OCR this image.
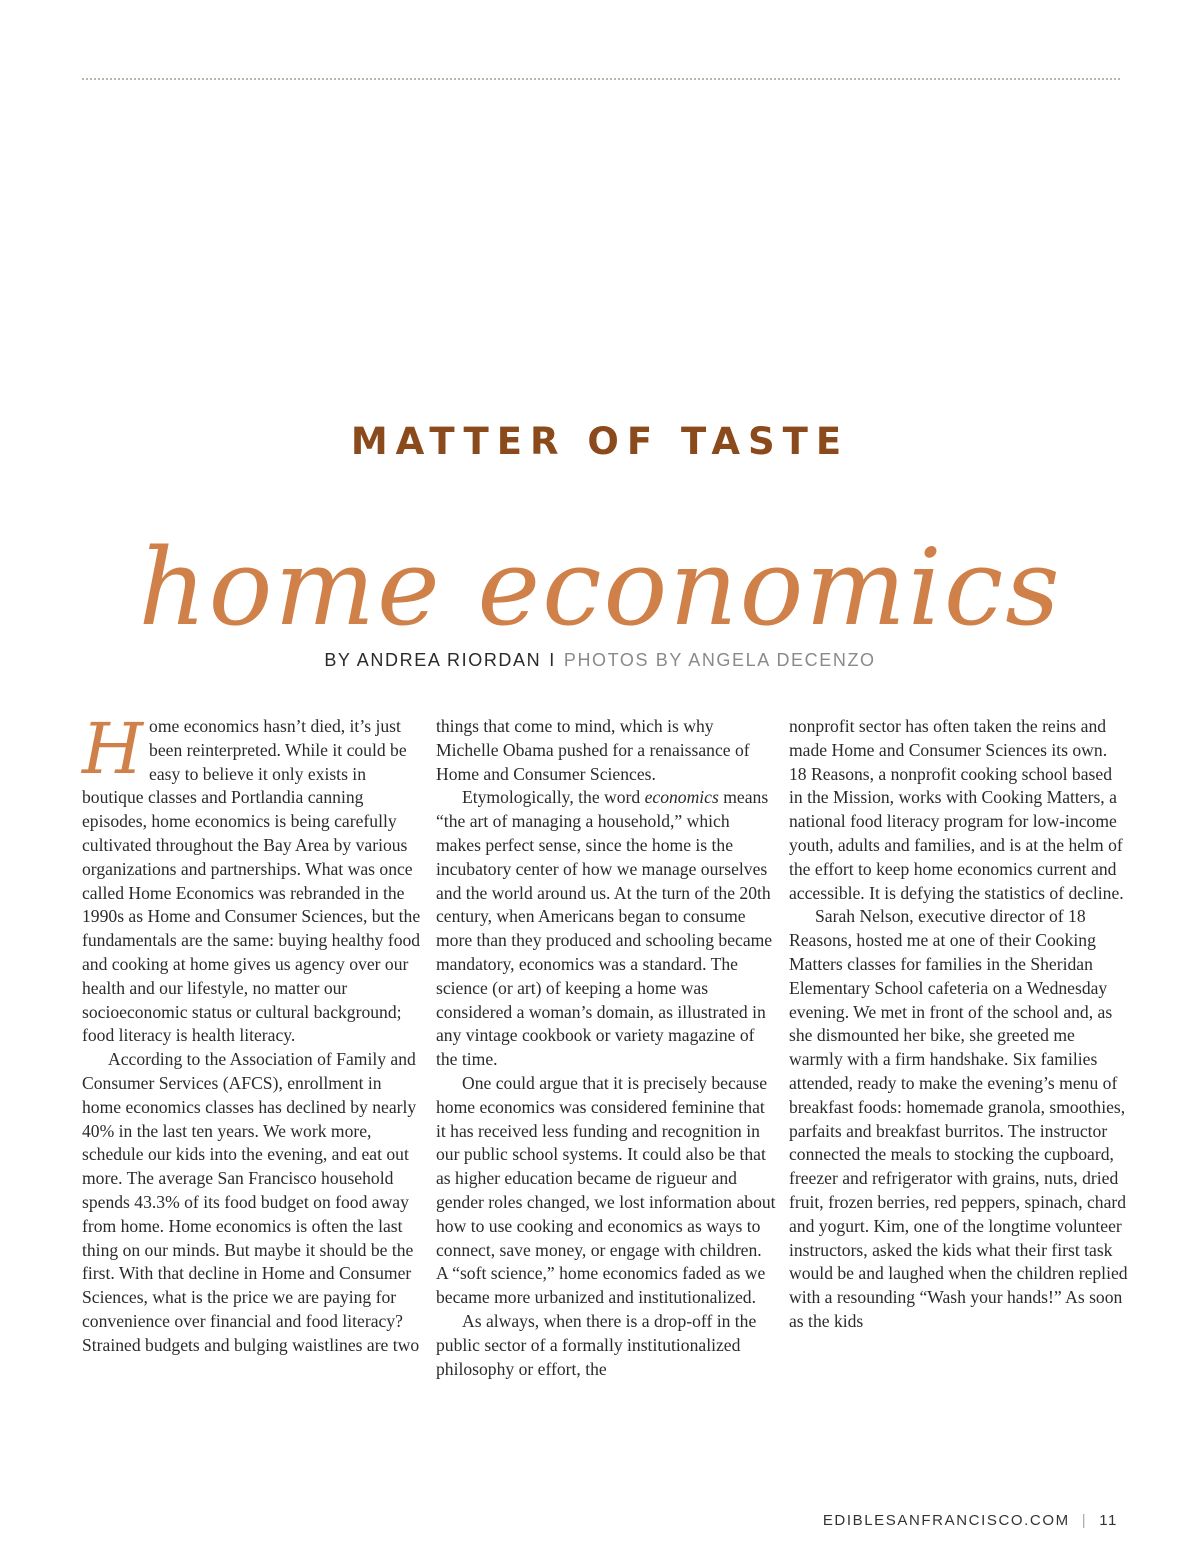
MATTER OF TASTE
home economics
BY ANDREA RIORDAN I PHOTOS BY ANGELA DECENZO

Home economics hasn’t died, it’s just been reinterpreted. While it could be easy to believe it only exists in boutique classes and Portlandia canning episodes, home economics is being carefully cultivated throughout the Bay Area by various organizations and partnerships. What was once called Home Economics was rebranded in the 1990s as Home and Consumer Sciences, but the fundamentals are the same: buying healthy food and cooking at home gives us agency over our health and our lifestyle, no matter our socioeconomic status or cultural background; food literacy is health literacy.

According to the Association of Family and Consumer Services (AFCS), enrollment in home economics classes has declined by nearly 40% in the last ten years. We work more, schedule our kids into the evening, and eat out more. The average San Francisco household spends 43.3% of its food budget on food away from home. Home economics is often the last thing on our minds. But maybe it should be the first. With that decline in Home and Consumer Sciences, what is the price we are paying for convenience over financial and food literacy? Strained budgets and bulging waistlines are two

things that come to mind, which is why Michelle Obama pushed for a renaissance of Home and Consumer Sciences.

Etymologically, the word economics means “the art of managing a household,” which makes perfect sense, since the home is the incubatory center of how we manage ourselves and the world around us. At the turn of the 20th century, when Americans began to consume more than they produced and schooling became mandatory, economics was a standard. The science (or art) of keeping a home was considered a woman’s domain, as illustrated in any vintage cookbook or variety magazine of the time.

One could argue that it is precisely because home economics was considered feminine that it has received less funding and recognition in our public school systems. It could also be that as higher education became de rigueur and gender roles changed, we lost information about how to use cooking and economics as ways to connect, save money, or engage with children. A “soft science,” home economics faded as we became more urbanized and institutionalized.

As always, when there is a drop-off in the public sector of a formally institutionalized philosophy or effort, the

nonprofit sector has often taken the reins and made Home and Consumer Sciences its own. 18 Reasons, a nonprofit cooking school based in the Mission, works with Cooking Matters, a national food literacy program for low-income youth, adults and families, and is at the helm of the effort to keep home economics current and accessible. It is defying the statistics of decline.

Sarah Nelson, executive director of 18 Reasons, hosted me at one of their Cooking Matters classes for families in the Sheridan Elementary School cafeteria on a Wednesday evening. We met in front of the school and, as she dismounted her bike, she greeted me warmly with a firm handshake. Six families attended, ready to make the evening’s menu of breakfast foods: homemade granola, smoothies, parfaits and breakfast burritos. The instructor connected the meals to stocking the cupboard, freezer and refrigerator with grains, nuts, dried fruit, frozen berries, red peppers, spinach, chard and yogurt. Kim, one of the longtime volunteer instructors, asked the kids what their first task would be and laughed when the children replied with a resounding “Wash your hands!” As soon as the kids

EDIBLESANFRANCISCO.COM | 11
